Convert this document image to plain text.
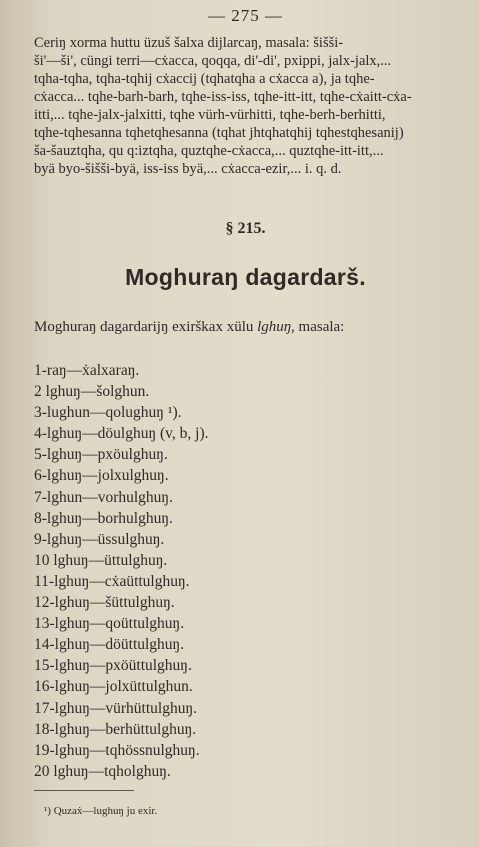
— 275 —

Ceriŋ xorma huttu üzuš šalxa dijlarcaŋ, masala: šišši-

ši'—ši', cüngi terri—cẋacca, qoqqa, di'-di', pxippi, jalx-jalx,...

tqha-tqha, tqha-tqhij cẋaccij (tqhatqha a cẋacca a), ja tqhe-

cẋacca... tqhe-barh-barh, tqhe-iss-iss, tqhe-itt-itt, tqhe-cẋaitt-cẋa-

itti,... tqhe-jalx-jalxitti, tqhe vürh-vürhitti, tqhe-berh-berhitti,

tqhe-tqhesanna tqhetqhesanna (tqhat jhtqhatqhij tqhestqhesanij)

ša-šauztqha, qu q:iztqha, quztqhe-cẋacca,... quztqhe-itt-itt,...

byä byo-šišši-byä, iss-iss byä,... cẋacca-ezir,... i. q. d.

§ 215.
Moghuraŋ dagardarš.

Moghuraŋ dagardarijŋ exirškax xülu lghuŋ, masala:

1-raŋ—ẋalxaraŋ.
2 lghuŋ—šolghun.
3-lughun—qolughuŋ ¹).
4-lghuŋ—döulghuŋ (v, b, j).
5-lghuŋ—pxöulghuŋ.
6-lghuŋ—jolxulghuŋ.
7-lghun—vorhulghuŋ.
8-lghuŋ—borhulghuŋ.
9-lghuŋ—üssulghuŋ.
10 lghuŋ—üttulghuŋ.
11-lghuŋ—cẋaüttulghuŋ.
12-lghuŋ—šüttulghuŋ.
13-lghuŋ—qoüttulghuŋ.
14-lghuŋ—döüttulghuŋ.
15-lghuŋ—pxöüttulghuŋ.
16-lghuŋ—jolxüttulghun.
17-lghuŋ—vürhüttulghuŋ.
18-lghuŋ—berhüttulghuŋ.
19-lghuŋ—tqhössnulghuŋ.
20 lghuŋ—tqholghuŋ.
¹) Quzaẋ—lughuŋ ju exir.
